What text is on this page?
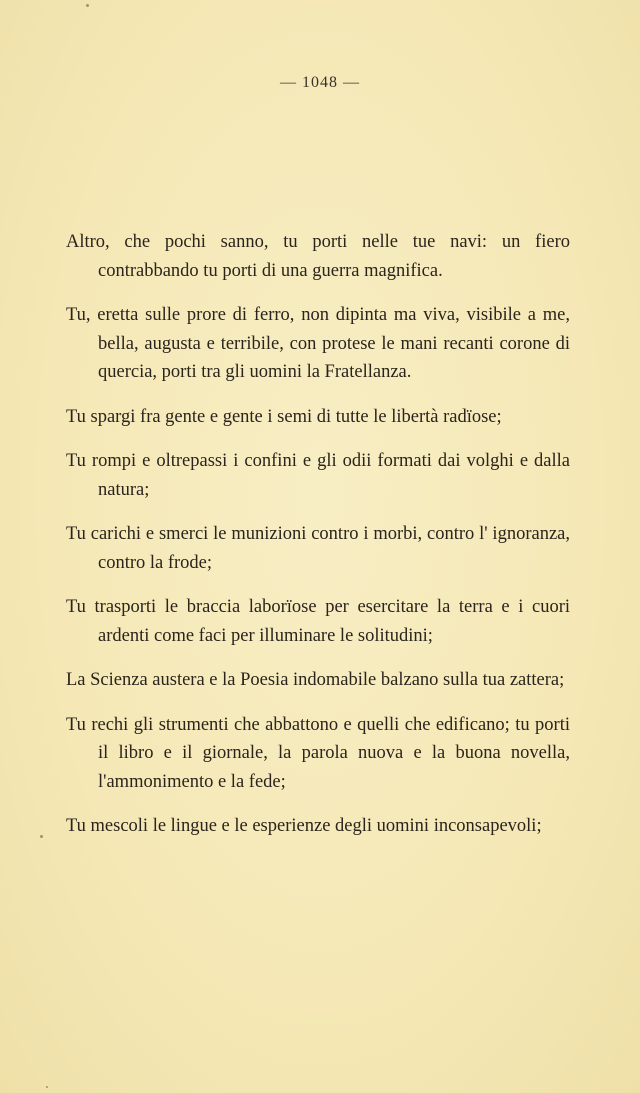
— 1048 —

Altro, che pochi sanno, tu porti nelle tue navi: un fiero contrabbando tu porti di una guerra magnifica.

Tu, eretta sulle prore di ferro, non dipinta ma viva, visibile a me, bella, augusta e terribile, con protese le mani recanti corone di quercia, porti tra gli uomini la Fratellanza.

Tu spargi fra gente e gente i semi di tutte le libertà radïose;

Tu rompi e oltrepassi i confini e gli odii formati dai volghi e dalla natura;

Tu carichi e smerci le munizioni contro i morbi, contro l' ignoranza, contro la frode;

Tu trasporti le braccia laborïose per esercitare la terra e i cuori ardenti come faci per illuminare le solitudini;

La Scienza austera e la Poesia indomabile balzano sulla tua zattera;

Tu rechi gli strumenti che abbattono e quelli che edificano; tu porti il libro e il giornale, la parola nuova e la buona novella, l'ammonimento e la fede;

Tu mescoli le lingue e le esperienze degli uomini inconsapevoli;
